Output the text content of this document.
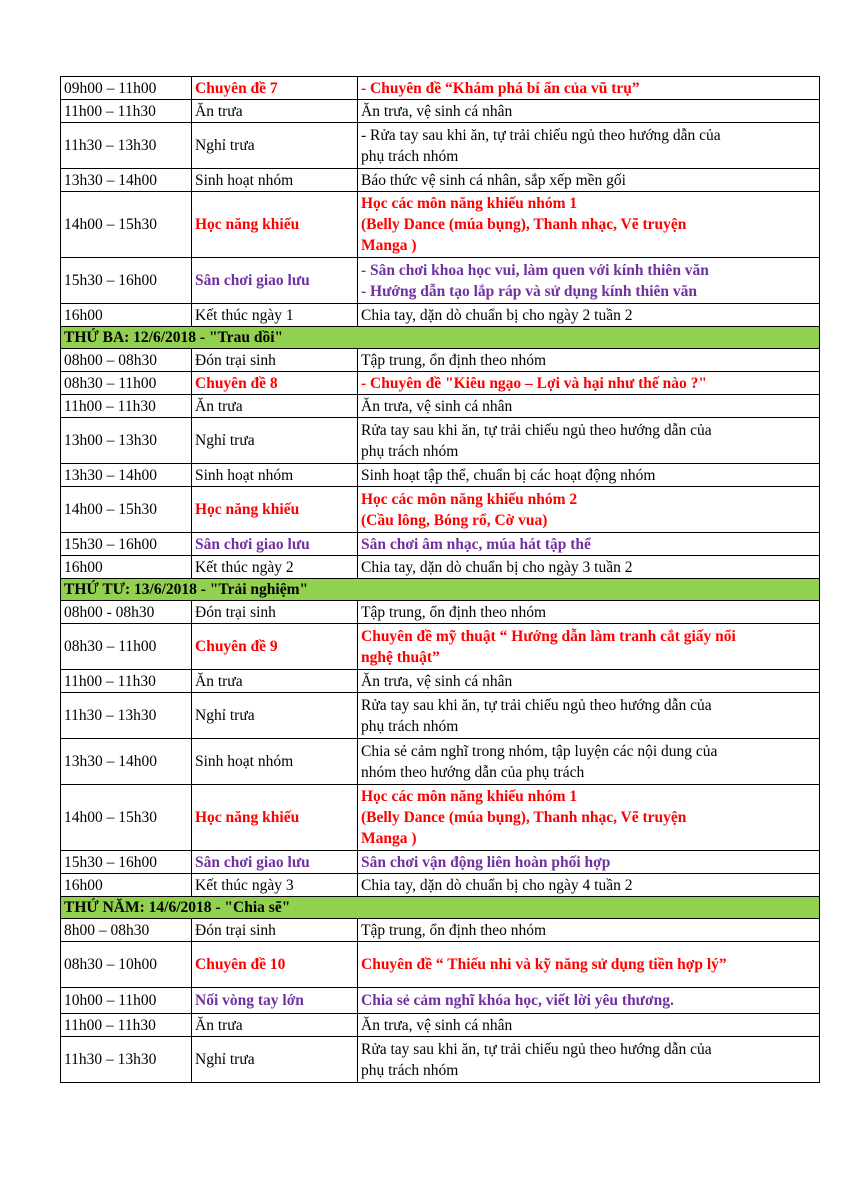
09h00 – 11h00	Chuyên đề 7	- Chuyên đề “Khám phá bí ẩn của vũ trụ”

11h00 – 11h30	Ăn trưa	Ăn trưa, vệ sinh cá nhân

11h30 – 13h30	Nghỉ trưa	- Rửa tay sau khi ăn, tự trải chiếu ngủ theo hướng dẫn của
phụ trách nhóm

13h30 – 14h00	Sinh hoạt nhóm	Báo thức vệ sinh cá nhân, sắp xếp mền gối

14h00 – 15h30	Học năng khiếu	Học các môn năng khiếu nhóm 1
(Belly Dance (múa bụng), Thanh nhạc, Vẽ truyện
Manga )

15h30 – 16h00	Sân chơi giao lưu	- Sân chơi khoa học vui, làm quen với kính thiên văn
- Hướng dẫn tạo lắp ráp và sử dụng kính thiên văn

16h00	Kết thúc ngày 1	Chia tay, dặn dò chuẩn bị cho ngày 2 tuần 2

THỨ BA: 12/6/2018 - "Trau dồi"		
08h00 – 08h30	Đón trại sinh	Tập trung, ổn định theo nhóm

08h30 – 11h00	Chuyên đề 8	- Chuyên đề "Kiêu ngạo – Lợi và hại như thế nào ?"

11h00 – 11h30	Ăn trưa	Ăn trưa, vệ sinh cá nhân

13h00 – 13h30	Nghỉ trưa	Rửa tay sau khi ăn, tự trải chiếu ngủ theo hướng dẫn của
phụ trách nhóm

13h30 – 14h00	Sinh hoạt nhóm	Sinh hoạt tập thể, chuẩn bị các hoạt động nhóm

14h00 – 15h30	Học năng khiếu	Học các môn năng khiếu nhóm 2
(Cầu lông, Bóng rổ, Cờ vua)

15h30 – 16h00	Sân chơi giao lưu	Sân chơi âm nhạc, múa hát tập thể

16h00	Kết thúc ngày 2	Chia tay, dặn dò chuẩn bị cho ngày 3 tuần 2

THỨ TƯ: 13/6/2018 - "Trải nghiệm"		
08h00 - 08h30	Đón trại sinh	Tập trung, ổn định theo nhóm

08h30 – 11h00	Chuyên đề 9	Chuyên đề mỹ thuật “ Hướng dẫn làm tranh cắt giấy nổi
nghệ thuật”

11h00 – 11h30	Ăn trưa	Ăn trưa, vệ sinh cá nhân

11h30 – 13h30	Nghỉ trưa	Rửa tay sau khi ăn, tự trải chiếu ngủ theo hướng dẫn của
phụ trách nhóm

13h30 – 14h00	Sinh hoạt nhóm	Chia sẻ cảm nghĩ trong nhóm, tập luyện các nội dung của
nhóm theo hướng dẫn của phụ trách

14h00 – 15h30	Học năng khiếu	Học các môn năng khiếu nhóm 1
(Belly Dance (múa bụng), Thanh nhạc, Vẽ truyện
Manga )

15h30 – 16h00	Sân chơi giao lưu	Sân chơi vận động liên hoàn phối hợp

16h00	Kết thúc ngày 3	Chia tay, dặn dò chuẩn bị cho ngày 4 tuần 2

THỨ NĂM: 14/6/2018 - "Chia sẽ"		
8h00 – 08h30	Đón trại sinh	Tập trung, ổn định theo nhóm

08h30 – 10h00	Chuyên đề 10	Chuyên đề “ Thiếu nhi và kỹ năng sử dụng tiền hợp lý”

10h00 – 11h00	Nối vòng tay lớn	Chia sẻ cảm nghĩ khóa học, viết lời yêu thương.

11h00 – 11h30	Ăn trưa	Ăn trưa, vệ sinh cá nhân

11h30 – 13h30	Nghỉ trưa	Rửa tay sau khi ăn, tự trải chiếu ngủ theo hướng dẫn của
phụ trách nhóm
